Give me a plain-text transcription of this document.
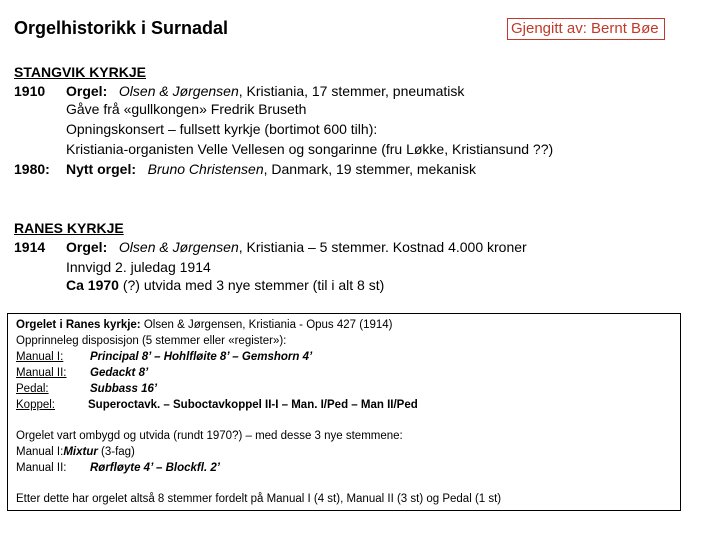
Orgelhistorikk i Surnadal	Gjengitt av: Bernt Bøe
STANGVIK KYRKJE
1910 Orgel: Olsen & Jørgensen, Kristiania, 17 stemmer, pneumatisk
Gåve frå «gullkongen» Fredrik Bruseth
Opningskonsert – fullsett kyrkje (bortimot 600 tilh):
Kristiania-organisten Velle Vellesen og songarinne (fru Løkke, Kristiansund ??)
1980: Nytt orgel: Bruno Christensen, Danmark, 19 stemmer, mekanisk
RANES KYRKJE
1914 Orgel: Olsen & Jørgensen, Kristiania – 5 stemmer. Kostnad 4.000 kroner
Innvigd 2. juledag 1914
Ca 1970 (?) utvida med 3 nye stemmer (til i alt 8 st)
Orgelet i Ranes kyrkje: Olsen & Jørgensen, Kristiania - Opus 427 (1914)
Opprinneleg disposisjon (5 stemmer eller «register»):
Manual I: Principal 8’ – Hohlfløite 8’ – Gemshorn 4’
Manual II: Gedackt 8’
Pedal:	Subbass 16’
Koppel:	Superoctavk. – Suboctavkoppel II-I – Man. I/Ped – Man II/Ped
Orgelet vart ombygd og utvida (rundt 1970?) – med desse 3 nye stemmene:
Manual I:Mixtur (3-fag)
Manual II: Rørfløyte 4’ – Blockfl. 2’
Etter dette har orgelet altså 8 stemmer fordelt på Manual I (4 st), Manual II (3 st) og Pedal (1 st)
